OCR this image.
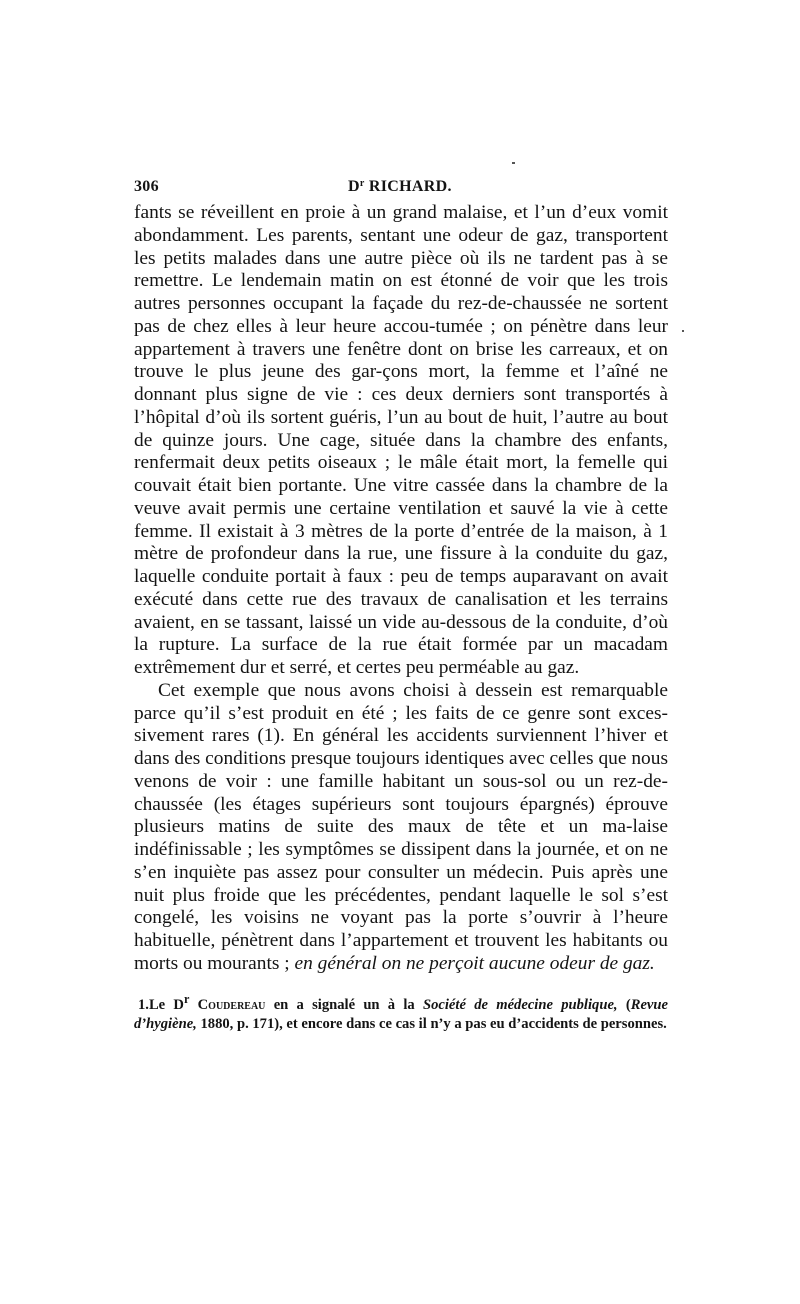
306	$D^r$ RICHARD.

fants se réveillent en proie à un grand malaise, et l’un d’eux vomit abondamment. Les parents, sentant une odeur de gaz, transportent les petits malades dans une autre pièce où ils ne tardent pas à se remettre. Le lendemain matin on est étonné de voir que les trois autres personnes occupant la façade du rez-de-chaussée ne sortent pas de chez elles à leur heure accou-tumée ; on pénètre dans leur appartement à travers une fenêtre dont on brise les carreaux, et on trouve le plus jeune des gar-çons mort, la femme et l’aîné ne donnant plus signe de vie : ces deux derniers sont transportés à l’hôpital d’où ils sortent guéris, l’un au bout de huit, l’autre au bout de quinze jours. Une cage, située dans la chambre des enfants, renfermait deux petits oiseaux ; le mâle était mort, la femelle qui couvait était bien portante. Une vitre cassée dans la chambre de la veuve avait permis une certaine ventilation et sauvé la vie à cette femme. Il existait à 3 mètres de la porte d’entrée de la maison, à 1 mètre de profondeur dans la rue, une fissure à la conduite du gaz, laquelle conduite portait à faux : peu de temps auparavant on avait exécuté dans cette rue des travaux de canalisation et les terrains avaient, en se tassant, laissé un vide au-dessous de la conduite, d’où la rupture. La surface de la rue était formée par un macadam extrêmement dur et serré, et certes peu perméable au gaz.

Cet exemple que nous avons choisi à dessein est remarquable parce qu’il s’est produit en été ; les faits de ce genre sont exces-sivement rares (1). En général les accidents surviennent l’hiver et dans des conditions presque toujours identiques avec celles que nous venons de voir : une famille habitant un sous-sol ou un rez-de-chaussée (les étages supérieurs sont toujours épargnés) éprouve plusieurs matins de suite des maux de tête et un ma-laise indéfinissable ; les symptômes se dissipent dans la journée, et on ne s’en inquiète pas assez pour consulter un médecin. Puis après une nuit plus froide que les précédentes, pendant laquelle le sol s’est congelé, les voisins ne voyant pas la porte s’ouvrir à l’heure habituelle, pénètrent dans l’appartement et trouvent les habitants ou morts ou mourants ; en général on ne perçoit aucune odeur de gaz.

1.Le $D^r$ Coudereau en a signalé un à la Société de médecine publique, (Revue d’hygiène, 1880, p. 171), et encore dans ce cas il n’y a pas eu d’accidents de personnes.
